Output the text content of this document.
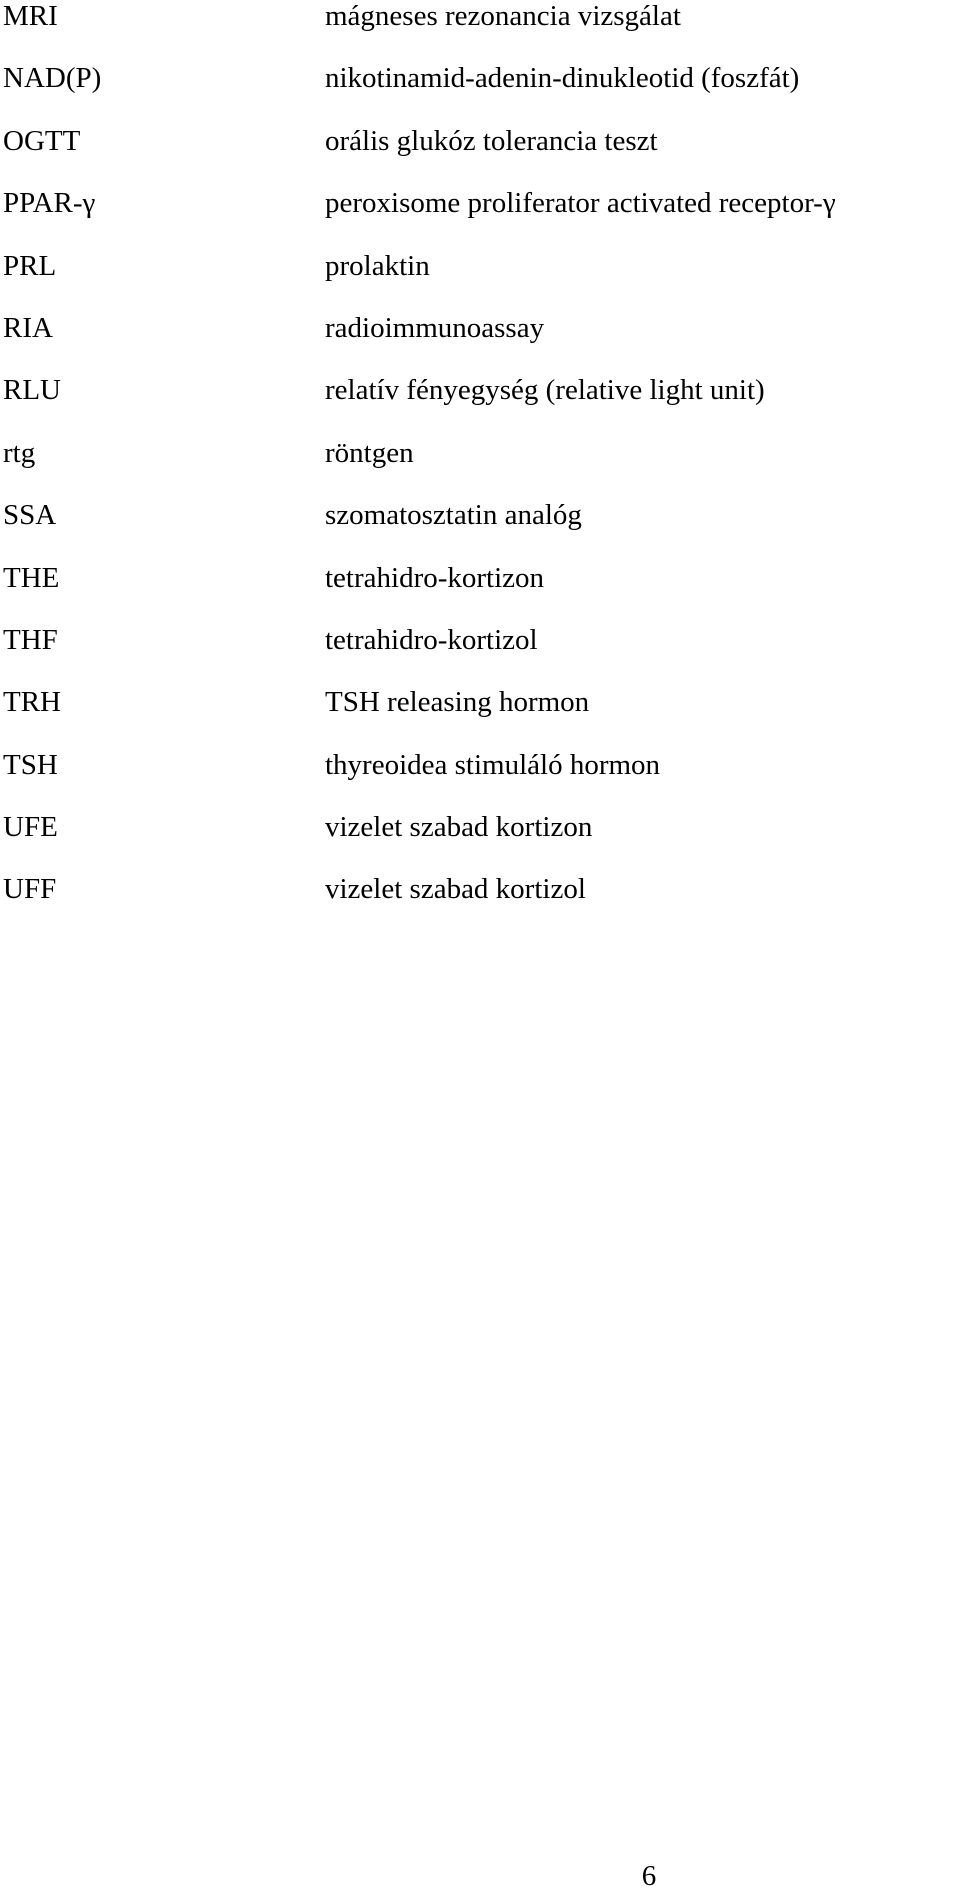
MRI	mágneses rezonancia vizsgálat
NAD(P)	nikotinamid-adenin-dinukleotid (foszfát)
OGTT	orális glukóz tolerancia teszt
PPAR-γ	peroxisome proliferator activated receptor-γ
PRL	prolaktin
RIA	radioimmunoassay
RLU	relatív fényegység (relative light unit)
rtg	röntgen
SSA	szomatosztatin analóg
THE	tetrahidro-kortizon
THF	tetrahidro-kortizol
TRH	TSH releasing hormon
TSH	thyreoidea stimuláló hormon
UFE	vizelet szabad kortizon
UFF	vizelet szabad kortizol
6
